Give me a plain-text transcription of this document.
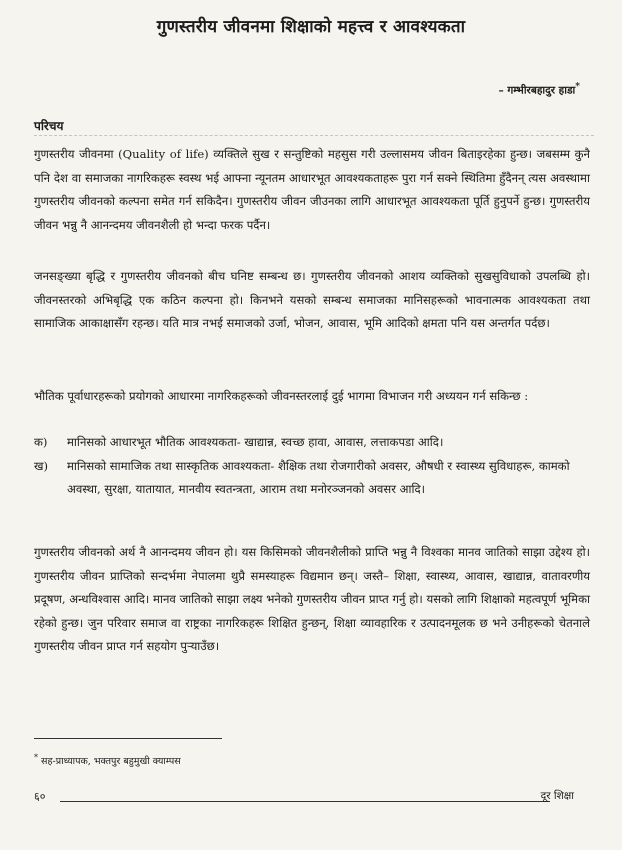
गुणस्तरीय जीवनमा शिक्षाको महत्त्व र आवश्यकता
– गम्भीरबहादुर हाडा*
परिचय

गुणस्तरीय जीवनमा (Quality of life) व्यक्तिले सुख र सन्तुष्टिको महसुस गरी उल्लासमय जीवन बिताइरहेका हुन्छ। जबसम्म कुनै पनि देश वा समाजका नागरिकहरू स्वस्थ भई आफ्ना न्यूनतम आधारभूत आवश्यकताहरू पुरा गर्न सक्ने स्थितिमा हुँदैनन् त्यस अवस्थामा गुणस्तरीय जीवनको कल्पना समेत गर्न सकिदैन। गुणस्तरीय जीवन जीउनका लागि आधारभूत आवश्यकता पूर्ति हुनुपर्ने हुन्छ। गुणस्तरीय जीवन भन्नु नै आनन्दमय जीवनशैली हो भन्दा फरक पर्दैन।

जनसङ्ख्या बृद्धि र गुणस्तरीय जीवनको बीच घनिष्ट सम्बन्ध छ। गुणस्तरीय जीवनको आशय व्यक्तिको सुखसुविधाको उपलब्धि हो। जीवनस्तरको अभिबृद्धि एक कठिन कल्पना हो। किनभने यसको सम्बन्ध समाजका मानिसहरूको भावनात्मक आवश्यकता तथा सामाजिक आकाक्षासँग रहन्छ। यति मात्र नभई समाजको उर्जा, भोजन, आवास, भूमि आदिको क्षमता पनि यस अन्तर्गत पर्दछ।

भौतिक पूर्वाधारहरूको प्रयोगको आधारमा नागरिकहरूको जीवनस्तरलाई दुई भागमा विभाजन गरी अध्ययन गर्न सकिन्छ :

क)	मानिसको आधारभूत भौतिक आवश्यकता- खाद्यान्न, स्वच्छ हावा, आवास, लत्ताकपडा आदि।
ख)	मानिसको सामाजिक तथा सास्कृतिक आवश्यकता- शैक्षिक तथा रोजगारीको अवसर, औषधी र स्वास्थ्य सुविधाहरू, कामको अवस्था, सुरक्षा, यातायात, मानवीय स्वतन्त्रता, आराम तथा मनोरञ्जनको अवसर आदि।

गुणस्तरीय जीवनको अर्थ नै आनन्दमय जीवन हो। यस किसिमको जीवनशैलीको प्राप्ति भन्नु नै विश्वका मानव जातिको साझा उद्देश्य हो। गुणस्तरीय जीवन प्राप्तिको सन्दर्भमा नेपालमा थुप्रै समस्याहरू विद्यमान छन्। जस्तै– शिक्षा, स्वास्थ्य, आवास, खाद्यान्न, वातावरणीय प्रदूषण, अन्धविश्वास आदि। मानव जातिको साझा लक्ष्य भनेको गुणस्तरीय जीवन प्राप्त गर्नु हो। यसको लागि शिक्षाको महत्वपूर्ण भूमिका रहेको हुन्छ। जुन परिवार समाज वा राष्ट्रका नागरिकहरू शिक्षित हुन्छन्, शिक्षा व्यावहारिक र उत्पादनमूलक छ भने उनीहरूको चेतनाले गुणस्तरीय जीवन प्राप्त गर्न सहयोग पुर्‍याउँछ।

* सह-प्राध्यापक, भक्तपुर बहुमुखी क्याम्पस
६०	दूर शिक्षा
